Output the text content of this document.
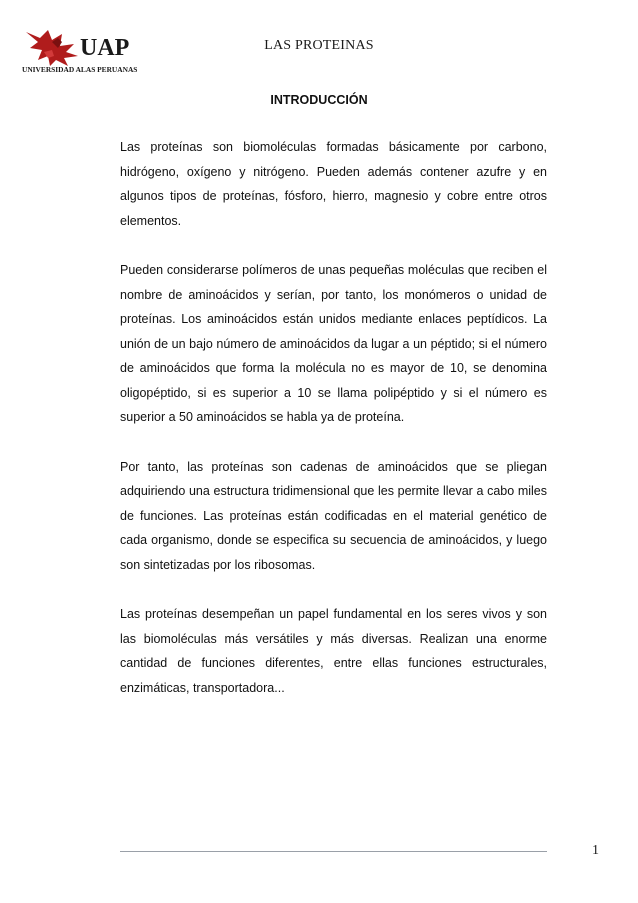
UAP
UNIVERSIDAD ALAS PERUANAS
LAS PROTEINAS
INTRODUCCIÓN

Las proteínas son biomoléculas formadas básicamente por carbono, hidrógeno, oxígeno y nitrógeno. Pueden además contener azufre y en algunos tipos de proteínas, fósforo, hierro, magnesio y cobre entre otros elementos.

Pueden considerarse polímeros de unas pequeñas moléculas que reciben el nombre de aminoácidos y serían, por tanto, los monómeros o unidad de proteínas. Los aminoácidos están unidos mediante enlaces peptídicos. La unión de un bajo número de aminoácidos da lugar a un péptido; si el número de aminoácidos que forma la molécula no es mayor de 10, se denomina oligopéptido, si es superior a 10 se llama polipéptido y si el número es superior a 50 aminoácidos se habla ya de proteína.

Por tanto, las proteínas son cadenas de aminoácidos que se pliegan adquiriendo una estructura tridimensional que les permite llevar a cabo miles de funciones. Las proteínas están codificadas en el material genético de cada organismo, donde se especifica su secuencia de aminoácidos, y luego son sintetizadas por los ribosomas.

Las proteínas desempeñan un papel fundamental en los seres vivos y son las biomoléculas más versátiles y más diversas. Realizan una enorme cantidad de funciones diferentes, entre ellas funciones estructurales, enzimáticas, transportadora...

1
